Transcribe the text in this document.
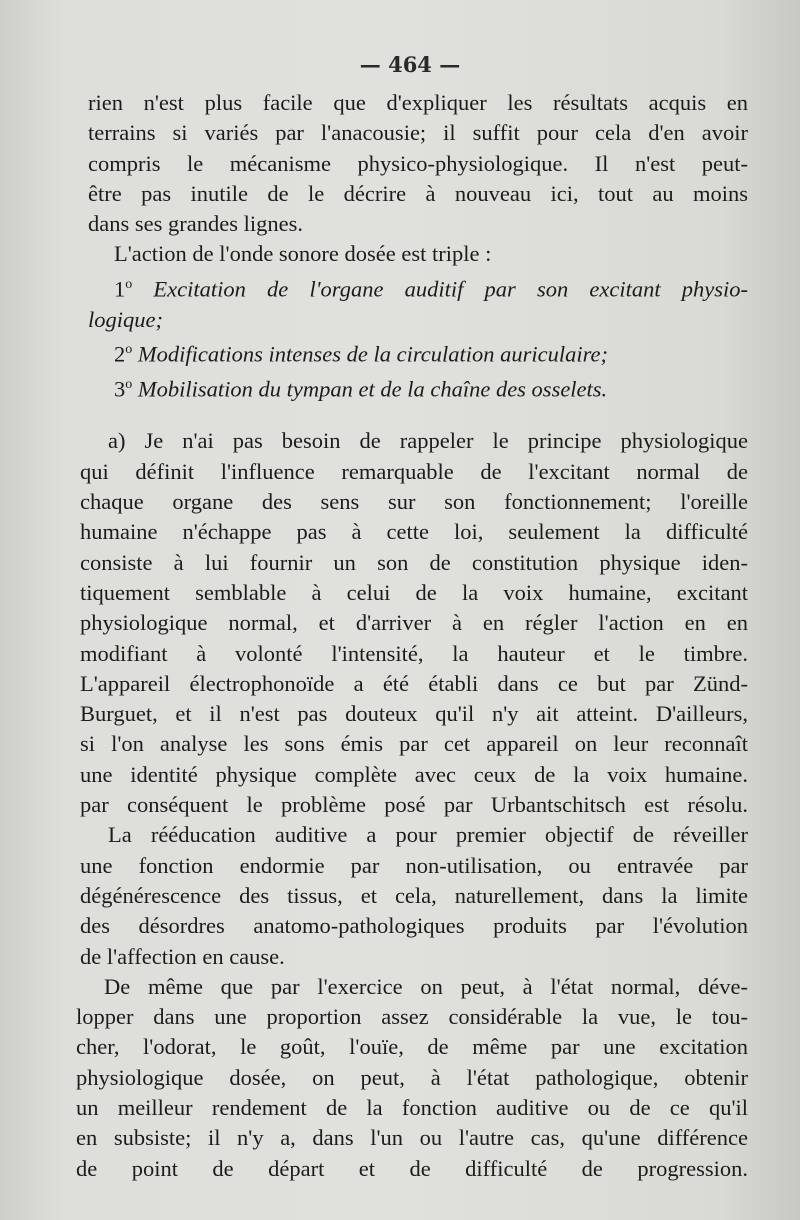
— 464 —
rien n'est plus facile que d'expliquer les résultats acquis en
terrains si variés par l'anacousie; il suffit pour cela d'en avoir
compris le mécanisme physico-physiologique. Il n'est peut-
être pas inutile de le décrire à nouveau ici, tout au moins
dans ses grandes lignes.
L'action de l'onde sonore dosée est triple :
1$^o$ Excitation de l'organe auditif par son excitant physio-
logique;
2$^o$ Modifications intenses de la circulation auriculaire;
3$^o$ Mobilisation du tympan et de la chaîne des osselets.
a) Je n'ai pas besoin de rappeler le principe physiologique
qui définit l'influence remarquable de l'excitant normal de
chaque organe des sens sur son fonctionnement; l'oreille
humaine n'échappe pas à cette loi, seulement la difficulté
consiste à lui fournir un son de constitution physique iden-
tiquement semblable à celui de la voix humaine, excitant
physiologique normal, et d'arriver à en régler l'action en en
modifiant à volonté l'intensité, la hauteur et le timbre.
L'appareil électrophonoïde a été établi dans ce but par Zünd-
Burguet, et il n'est pas douteux qu'il n'y ait atteint. D'ailleurs,
si l'on analyse les sons émis par cet appareil on leur reconnaît
une identité physique complète avec ceux de la voix humaine.
par conséquent le problème posé par Urbantschitsch est résolu.
La rééducation auditive a pour premier objectif de réveiller
une fonction endormie par non-utilisation, ou entravée par
dégénérescence des tissus, et cela, naturellement, dans la limite
des désordres anatomo-pathologiques produits par l'évolution
de l'affection en cause.
De même que par l'exercice on peut, à l'état normal, déve-
lopper dans une proportion assez considérable la vue, le tou-
cher, l'odorat, le goût, l'ouïe, de même par une excitation
physiologique dosée, on peut, à l'état pathologique, obtenir
un meilleur rendement de la fonction auditive ou de ce qu'il
en subsiste; il n'y a, dans l'un ou l'autre cas, qu'une différence
de point de départ et de difficulté de progression.
